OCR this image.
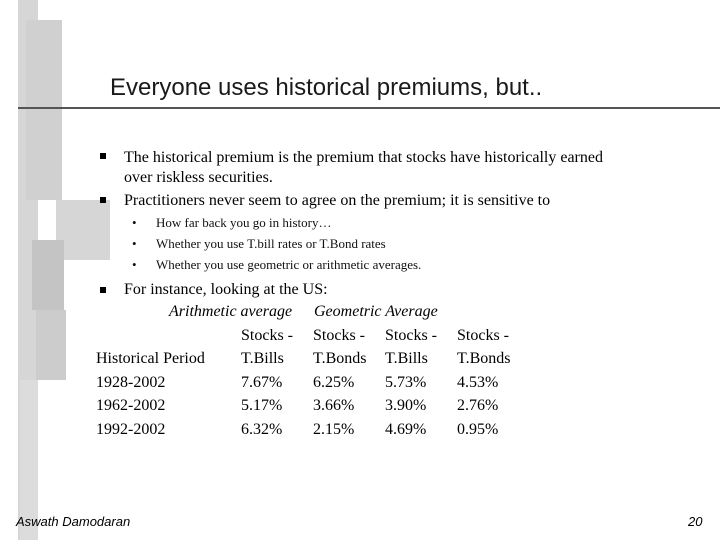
Everyone uses historical premiums, but..
The historical premium is the premium that stocks have historically earned
over riskless securities.
Practitioners never seem to agree on the premium; it is sensitive to
• How far back you go in history…
• Whether you use T.bill rates or T.Bond rates
• Whether you use geometric or arithmetic averages.
For instance, looking at the US:
Arithmetic average Geometric Average
Stocks - Stocks - Stocks - Stocks -
Historical Period T.Bills T.Bonds T.Bills T.Bonds
1928-2002	7.67% 6.25% 5.73% 4.53%
1962-2002	5.17% 3.66% 3.90% 2.76%
1992-2002	6.32% 2.15% 4.69% 0.95%
Aswath Damodaran	20
